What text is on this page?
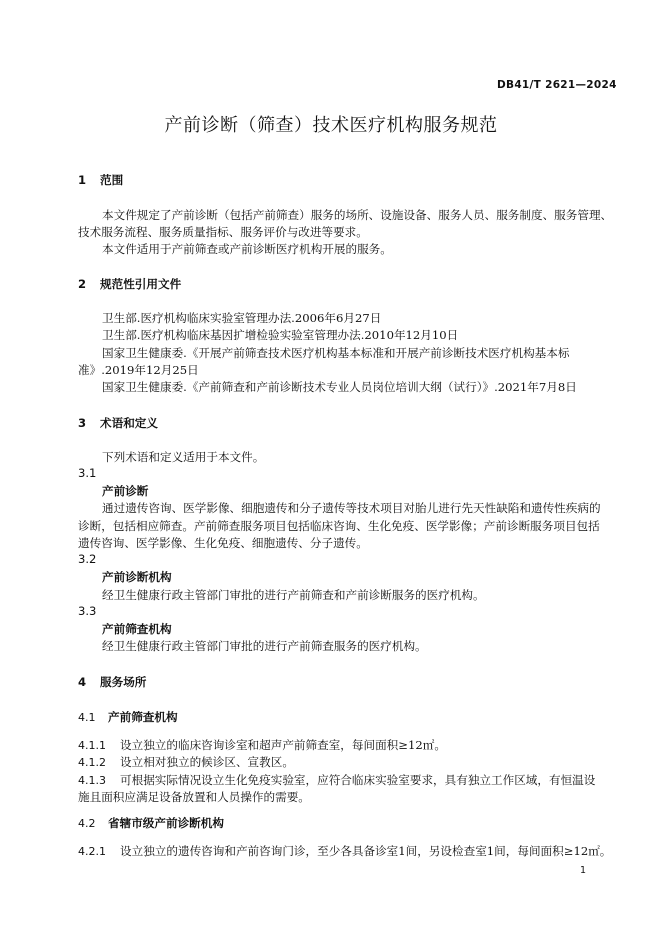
DB41/T 2621—2024
产前诊断（筛查）技术医疗机构服务规范
1 范围
本文件规定了产前诊断（包括产前筛查）服务的场所、设施设备、服务人员、服务制度、服务管理、
技术服务流程、服务质量指标、服务评价与改进等要求。
本文件适用于产前筛查或产前诊断医疗机构开展的服务。
2 规范性引用文件
卫生部.医疗机构临床实验室管理办法.2006年6月27日
卫生部.医疗机构临床基因扩增检验实验室管理办法.2010年12月10日
国家卫生健康委.《开展产前筛查技术医疗机构基本标准和开展产前诊断技术医疗机构基本标
准》.2019年12月25日
国家卫生健康委.《产前筛查和产前诊断技术专业人员岗位培训大纲（试行）》.2021年7月8日
3 术语和定义
下列术语和定义适用于本文件。
3.1
产前诊断
通过遗传咨询、医学影像、细胞遗传和分子遗传等技术项目对胎儿进行先天性缺陷和遗传性疾病的
诊断，包括相应筛查。产前筛查服务项目包括临床咨询、生化免疫、医学影像；产前诊断服务项目包括
遗传咨询、医学影像、生化免疫、细胞遗传、分子遗传。
3.2
产前诊断机构
经卫生健康行政主管部门审批的进行产前筛查和产前诊断服务的医疗机构。
3.3
产前筛查机构
经卫生健康行政主管部门审批的进行产前筛查服务的医疗机构。
4 服务场所
4.1 产前筛查机构
4.1.1 设立独立的临床咨询诊室和超声产前筛查室，每间面积≥12㎡。
4.1.2 设立相对独立的候诊区、宣教区。
4.1.3 可根据实际情况设立生化免疫实验室，应符合临床实验室要求，具有独立工作区域，有恒温设
施且面积应满足设备放置和人员操作的需要。
4.2 省辖市级产前诊断机构
4.2.1 设立独立的遗传咨询和产前咨询门诊，至少各具备诊室1间，另设检查室1间，每间面积≥12㎡。
1
